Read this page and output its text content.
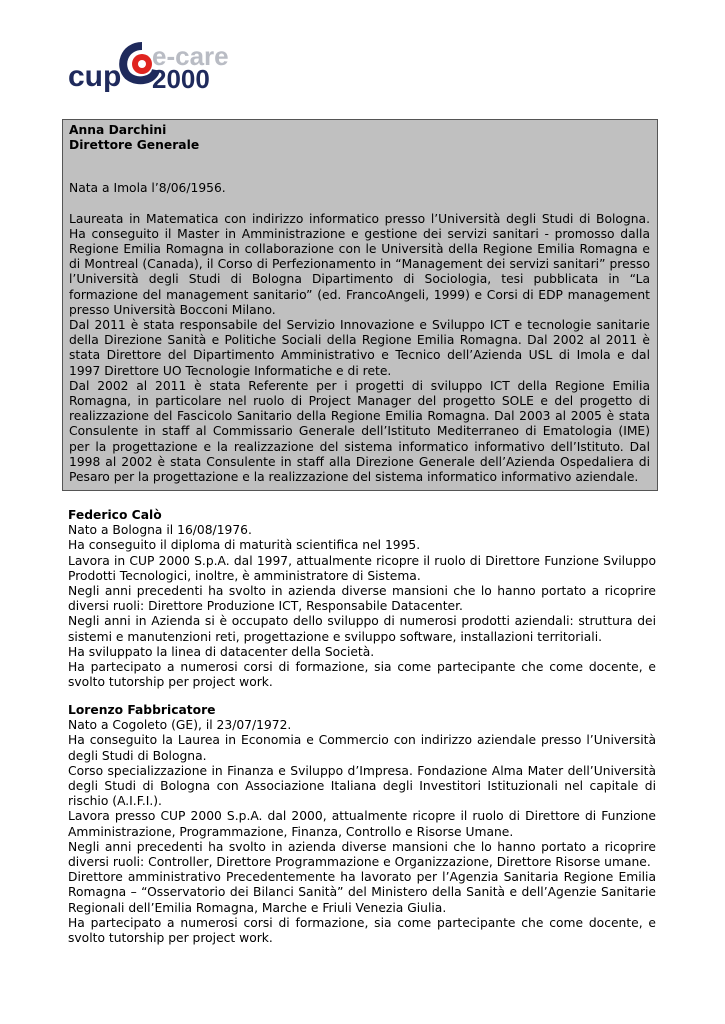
e-care
cup 2000

Anna Darchini

Direttore Generale

Nata a Imola l’8/06/1956.

Laureata in Matematica con indirizzo informatico presso l’Università degli Studi di Bologna. Ha conseguito il Master in Amministrazione e gestione dei servizi sanitari - promosso dalla Regione Emilia Romagna in collaborazione con le Università della Regione Emilia Romagna e di Montreal (Canada), il Corso di Perfezionamento in “Management dei servizi sanitari” presso l’Università degli Studi di Bologna Dipartimento di Sociologia, tesi pubblicata in “La formazione del management sanitario” (ed. FrancoAngeli, 1999) e Corsi di EDP management presso Università Bocconi Milano.

Dal 2011 è stata responsabile del Servizio Innovazione e Sviluppo ICT e tecnologie sanitarie della Direzione Sanità e Politiche Sociali della Regione Emilia Romagna. Dal 2002 al 2011 è stata Direttore del Dipartimento Amministrativo e Tecnico dell’Azienda USL di Imola e dal 1997 Direttore UO Tecnologie Informatiche e di rete.

Dal 2002 al 2011 è stata Referente per i progetti di sviluppo ICT della Regione Emilia Romagna, in particolare nel ruolo di Project Manager del progetto SOLE e del progetto di realizzazione del Fascicolo Sanitario della Regione Emilia Romagna. Dal 2003 al 2005 è stata Consulente in staff al Commissario Generale dell’Istituto Mediterraneo di Ematologia (IME) per la progettazione e la realizzazione del sistema informatico informativo dell’Istituto. Dal 1998 al 2002 è stata Consulente in staff alla Direzione Generale dell’Azienda Ospedaliera di Pesaro per la progettazione e la realizzazione del sistema informatico informativo aziendale.

Federico Calò

Nato a Bologna il 16/08/1976.

Ha conseguito il diploma di maturità scientifica nel 1995.

Lavora in CUP 2000 S.p.A. dal 1997, attualmente ricopre il ruolo di Direttore Funzione Sviluppo Prodotti Tecnologici, inoltre, è amministratore di Sistema.

Negli anni precedenti ha svolto in azienda diverse mansioni che lo hanno portato a ricoprire diversi ruoli: Direttore Produzione ICT, Responsabile Datacenter.

Negli anni in Azienda si è occupato dello sviluppo di numerosi prodotti aziendali: struttura dei sistemi e manutenzioni reti, progettazione e sviluppo software, installazioni territoriali.

Ha sviluppato la linea di datacenter della Società.

Ha partecipato a numerosi corsi di formazione, sia come partecipante che come docente, e svolto tutorship per project work.

Lorenzo Fabbricatore

Nato a Cogoleto (GE), il 23/07/1972.

Ha conseguito la Laurea in Economia e Commercio con indirizzo aziendale presso l’Università degli Studi di Bologna.

Corso specializzazione in Finanza e Sviluppo d’Impresa. Fondazione Alma Mater dell’Università degli Studi di Bologna con Associazione Italiana degli Investitori Istituzionali nel capitale di rischio (A.I.F.I.).

Lavora presso CUP 2000 S.p.A. dal 2000, attualmente ricopre il ruolo di Direttore di Funzione Amministrazione, Programmazione, Finanza, Controllo e Risorse Umane.

Negli anni precedenti ha svolto in azienda diverse mansioni che lo hanno portato a ricoprire diversi ruoli: Controller, Direttore Programmazione e Organizzazione, Direttore Risorse umane.

Direttore amministrativo Precedentemente ha lavorato per l’Agenzia Sanitaria Regione Emilia Romagna – “Osservatorio dei Bilanci Sanità” del Ministero della Sanità e dell’Agenzie Sanitarie Regionali dell’Emilia Romagna, Marche e Friuli Venezia Giulia.

Ha partecipato a numerosi corsi di formazione, sia come partecipante che come docente, e svolto tutorship per project work.
